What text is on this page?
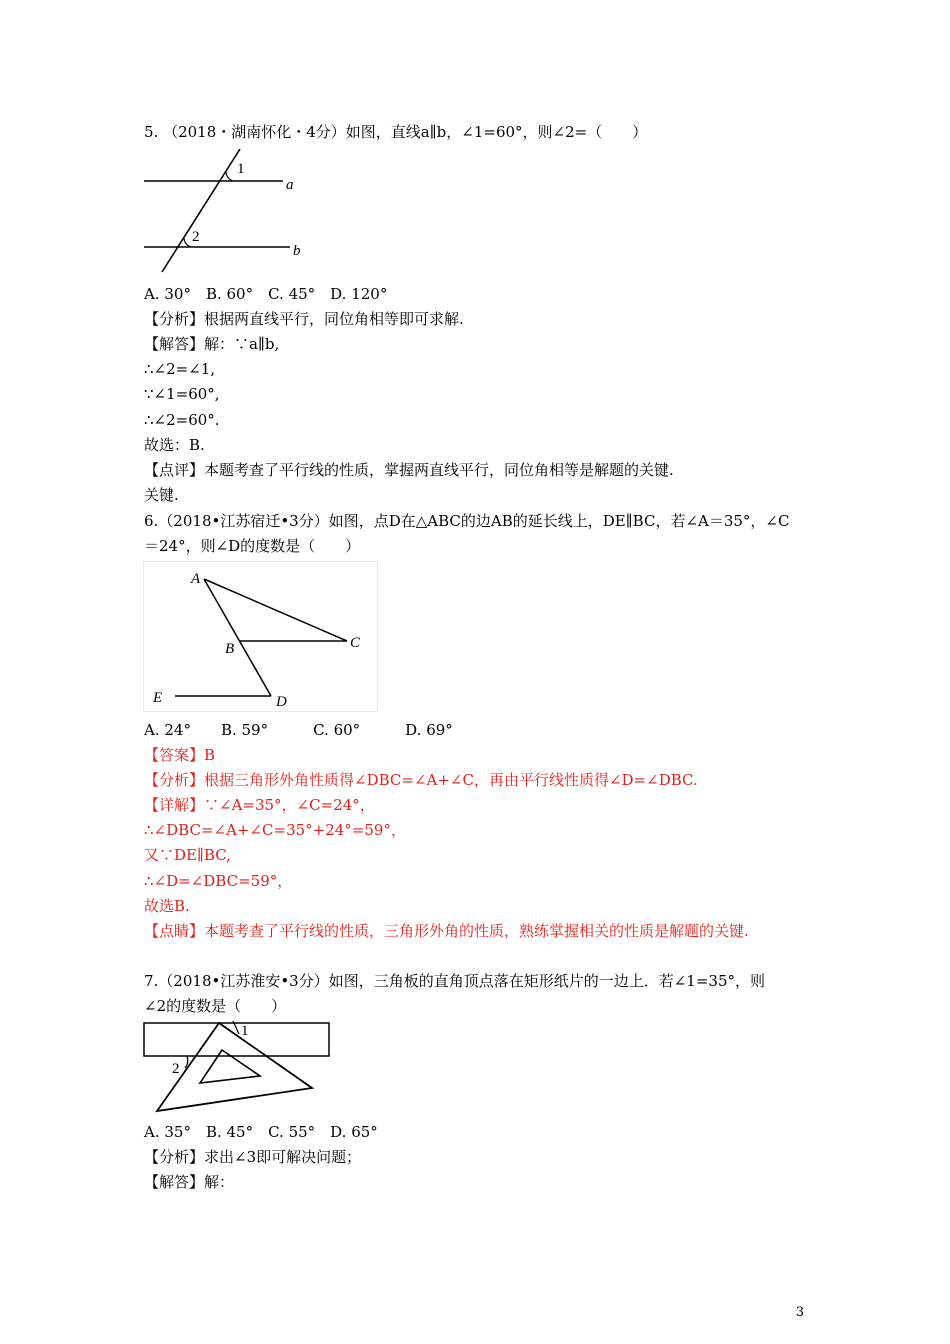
5. （2018・湖南怀化・4分）如图，直线a∥b，∠1=60°，则∠2=（　　）
1
a
2
b
A. 30°　B. 60°　C. 45°　D. 120°
【分析】根据两直线平行，同位角相等即可求解.
【解答】解：∵a∥b,
∴∠2=∠1,
∵∠1=60°,
∴∠2=60°.
故选：B.
【点评】本题考查了平行线的性质，掌握两直线平行，同位角相等是解题的关键.
关键.
6.（2018•江苏宿迁•3分）如图，点D在△ABC的边AB的延长线上，DE∥BC，若∠A＝35°，∠C
＝24°，则∠D的度数是（　　）
A
B	C
E	D
A. 24°　　B. 59°　　　C. 60°　　　D. 69°
【答案】B
【分析】根据三角形外角性质得∠DBC=∠A+∠C，再由平行线性质得∠D=∠DBC.
【详解】∵∠A=35°，∠C=24°，
∴∠DBC=∠A+∠C=35°+24°=59°，
又∵DE∥BC,
∴∠D=∠DBC=59°，
故选B.
【点睛】本题考查了平行线的性质，三角形外角的性质，熟练掌握相关的性质是解题的关键.
7.（2018•江苏淮安•3分）如图，三角板的直角顶点落在矩形纸片的一边上．若∠1=35°，则
∠2的度数是（　　）
1
2
A. 35°　B. 45°　C. 55°　D. 65°
【分析】求出∠3即可解决问题；
【解答】解：
3
